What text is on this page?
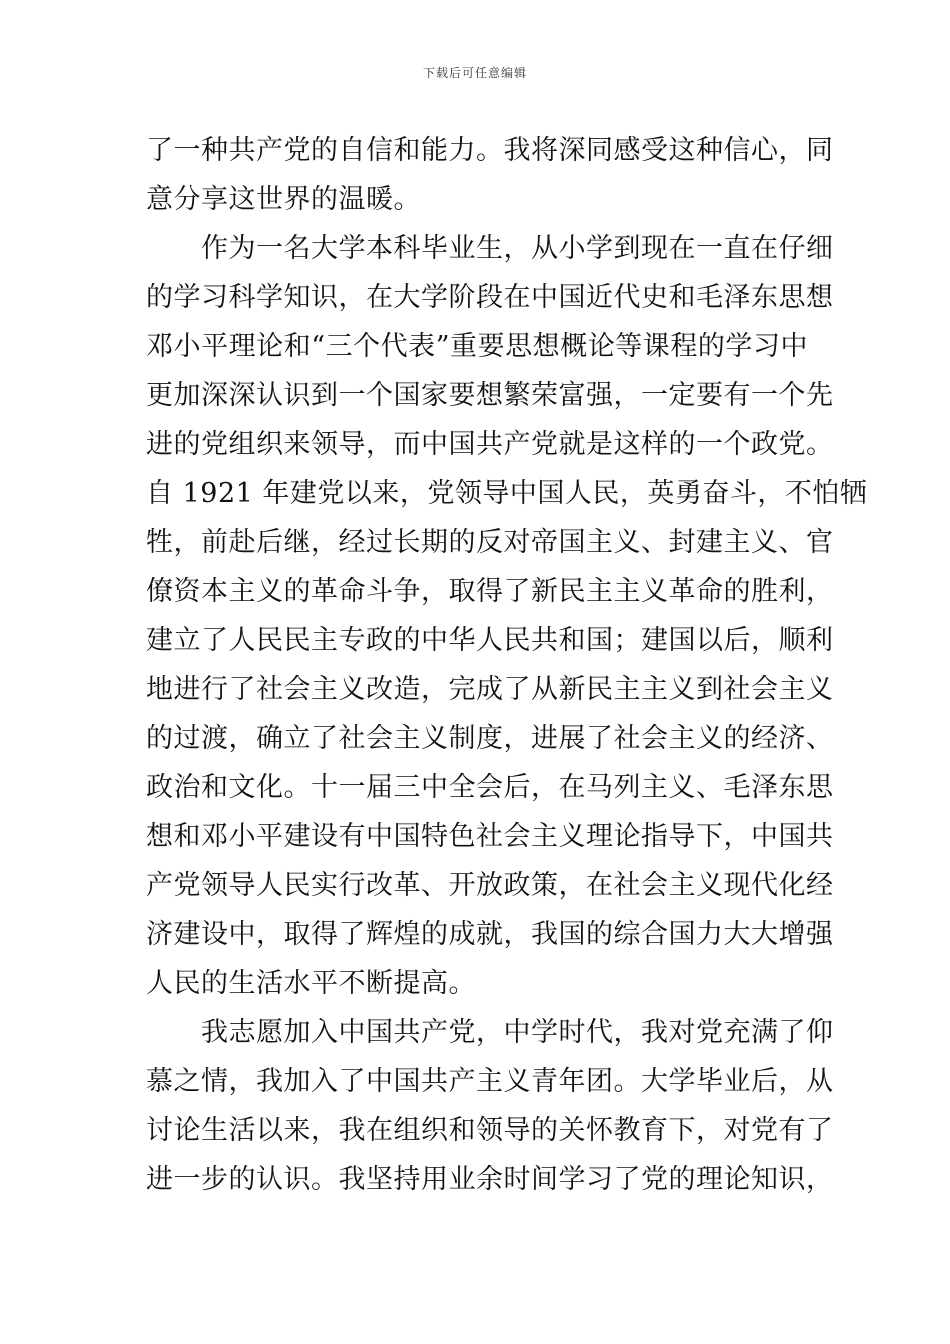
下载后可任意编辑
了一种共产党的自信和能力。我将深同感受这种信心，同
意分享这世界的温暖。
　　作为一名大学本科毕业生，从小学到现在一直在仔细
的学习科学知识，在大学阶段在中国近代史和毛泽东思想
邓小平理论和“三个代表”重要思想概论等课程的学习中
更加深深认识到一个国家要想繁荣富强，一定要有一个先
进的党组织来领导，而中国共产党就是这样的一个政党。
自 1921 年建党以来，党领导中国人民，英勇奋斗，不怕牺
牲，前赴后继，经过长期的反对帝国主义、封建主义、官
僚资本主义的革命斗争，取得了新民主主义革命的胜利，
建立了人民民主专政的中华人民共和国；建国以后，顺利
地进行了社会主义改造，完成了从新民主主义到社会主义
的过渡，确立了社会主义制度，进展了社会主义的经济、
政治和文化。十一届三中全会后，在马列主义、毛泽东思
想和邓小平建设有中国特色社会主义理论指导下，中国共
产党领导人民实行改革、开放政策，在社会主义现代化经
济建设中，取得了辉煌的成就，我国的综合国力大大增强
人民的生活水平不断提高。
　　我志愿加入中国共产党，中学时代，我对党充满了仰
慕之情，我加入了中国共产主义青年团。大学毕业后，从
讨论生活以来，我在组织和领导的关怀教育下，对党有了
进一步的认识。我坚持用业余时间学习了党的理论知识，
